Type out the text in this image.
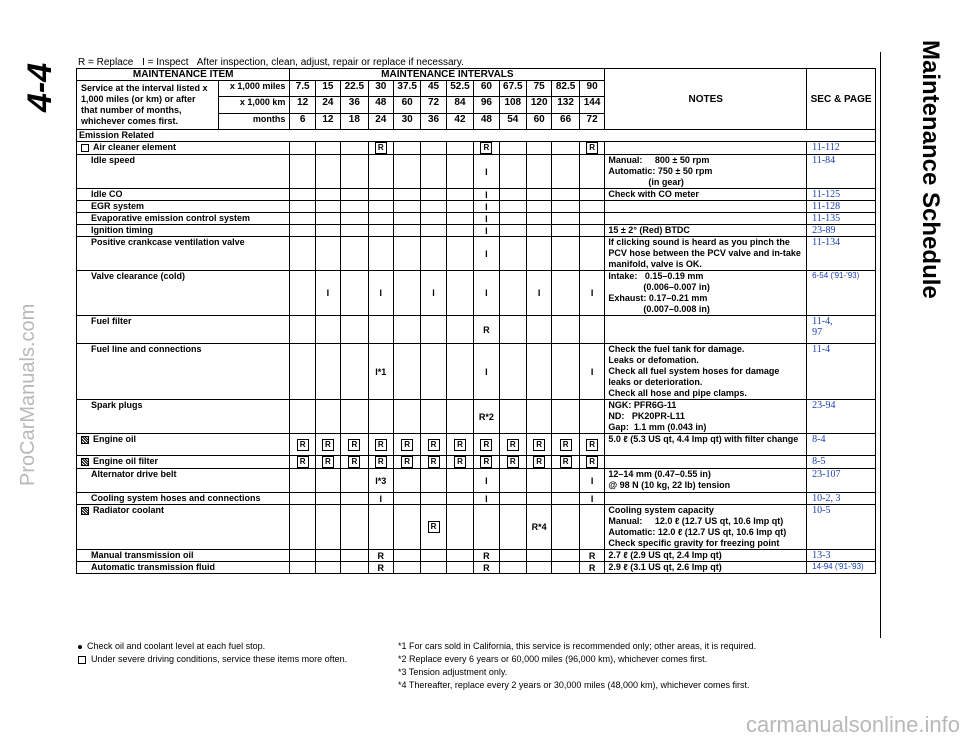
4-4	Maintenance Schedule
ProCarManuals.com
carmanualsonline.info
R = Replace I = Inspect After inspection, clean, adjust, repair or replace if necessary.
MAINTENANCE ITEM		MAINTENANCE INTERVALS												NOTES	SEC & PAGE
Service at the interval listed x 1,000 miles (or km) or after that number of months, whichever comes first.	x 1,000 miles	7.5	15	22.5	30	37.5	45	52.5	60	67.5	75	82.5	90		
	x 1,000 km	12	24	36	48	60	72	84	96	108	120	132	144		
	months	6	12	18	24	30	36	42	48	54	60	66	72		
Emission Related															
Air cleaner element					R				R				R		11-112
Idle speed									I					Manual:     800 ± 50 rpm
Automatic: 750 ± 50 rpm
(in gear)	11-84
Idle CO									I					Check with CO meter	11-125
EGR system									I						11-128
Evaporative emission control system									I						11-135
Ignition timing									I					15 ± 2° (Red) BTDC	23-89
Positive crankcase ventilation valve									I					If clicking sound is heard as you pinch the PCV hose between the PCV valve and in-take manifold, valve is OK.	11-134
Valve clearance (cold)			I		I		I		I		I		I	Intake:   0.15–0.19 mm
(0.006–0.007 in)
Exhaust: 0.17–0.21 mm
(0.007–0.008 in)	6-54 ('91-'93)
Fuel filter									R						11-4,
97
Fuel line and connections					I*1				I				I	Check the fuel tank for damage.
Leaks or defomation.
Check all fuel system hoses for damage leaks or deterioration.
Check all hose and pipe clamps.	11-4
Spark plugs									R*2					NGK: PFR6G-11
ND:   PK20PR-L11
Gap:  1.1 mm (0.043 in)	23-94
Engine oil		R	R	R	R	R	R	R	R	R	R	R	R	5.0 ℓ (5.3 US qt, 4.4 Imp qt) with filter change	8-4
Engine oil filter		R	R	R	R	R	R	R	R	R	R	R	R		8-5
Alternator drive belt					I*3				I				I	12–14 mm (0.47–0.55 in)
@ 98 N (10 kg, 22 lb) tension	23-107
Cooling system hoses and connections					I				I				I		10-2, 3
Radiator coolant							R				R*4			Cooling system capacity
Manual:     12.0 ℓ (12.7 US qt, 10.6 Imp qt)
Automatic: 12.0 ℓ (12.7 US qt, 10.6 Imp qt)
Check specific gravity for freezing point	10-5
Manual transmission oil					R				R				R	2.7 ℓ (2.9 US qt, 2.4 Imp qt)	13-3
Automatic transmission fluid					R				R				R	2.9 ℓ (3.1 US qt, 2.6 Imp qt)	14-94 ('91-'93)
Check oil and coolant level at each fuel stop.
Under severe driving conditions, service these items more often.
*1 For cars sold in California, this service is recommended only; other areas, it is required.
*2 Replace every 6 years or 60,000 miles (96,000 km), whichever comes first.
*3 Tension adjustment only.
*4 Thereafter, replace every 2 years or 30,000 miles (48,000 km), whichever comes first.
